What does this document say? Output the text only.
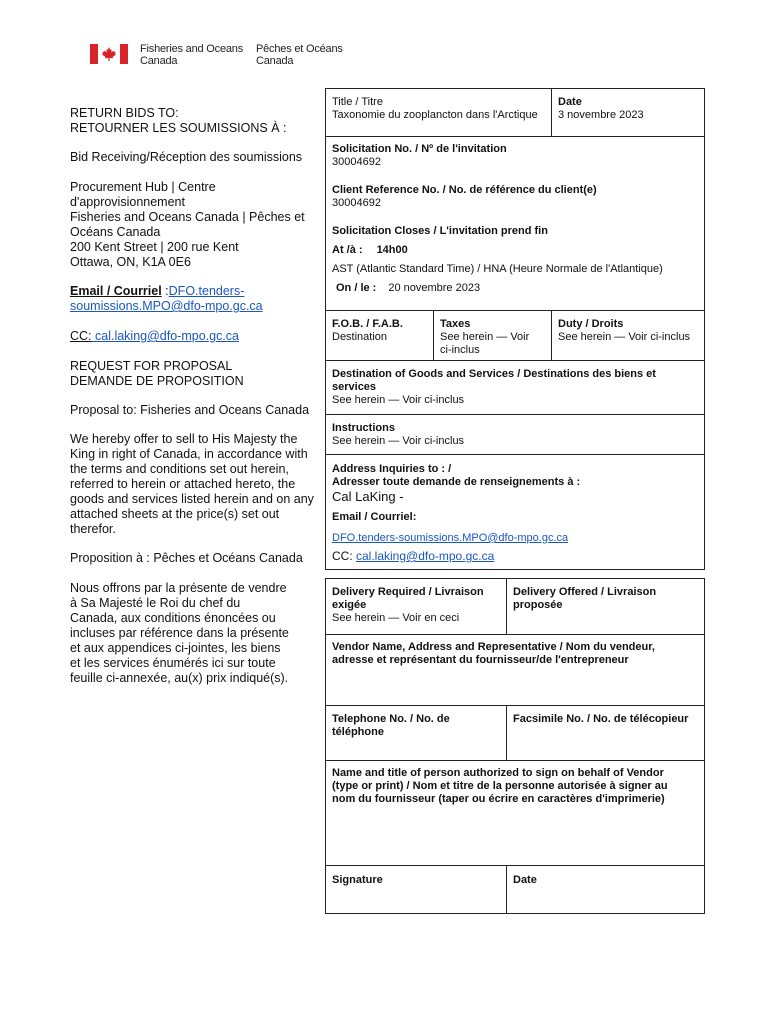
Fisheries and Oceans
Canada
Pêches et Océans
Canada
RETURN BIDS TO:
RETOURNER LES SOUMISSIONS À :
Bid Receiving/Réception des soumissions
Procurement Hub | Centre
d'approvisionnement
Fisheries and Oceans Canada | Pêches et
Océans Canada
200 Kent Street | 200 rue Kent
Ottawa, ON, K1A 0E6
Email / Courriel :DFO.tenders-
soumissions.MPO@dfo-mpo.gc.ca
CC: cal.laking@dfo-mpo.gc.ca
REQUEST FOR PROPOSAL
DEMANDE DE PROPOSITION
Proposal to: Fisheries and Oceans Canada
We hereby offer to sell to His Majesty the
King in right of Canada, in accordance with
the terms and conditions set out herein,
referred to herein or attached hereto, the
goods and services listed herein and on any
attached sheets at the price(s) set out
therefor.
Proposition à : Pêches et Océans Canada
Nous offrons par la présente de vendre
à Sa Majesté le Roi du chef du
Canada, aux conditions énoncées ou
incluses par référence dans la présente
et aux appendices ci-jointes, les biens
et les services énumérés ici sur toute
feuille ci-annexée, au(x) prix indiqué(s).
Title / Titre
Taxonomie du zooplancton dans l'Arctique
Date
3 novembre 2023
Solicitation No. / Nº de l'invitation
30004692
Client Reference No. / No. de référence du client(e)
30004692
Solicitation Closes / L'invitation prend fin
At /à : 14h00
AST (Atlantic Standard Time) / HNA (Heure Normale de l'Atlantique)
On / le : 20 novembre 2023
F.O.B. / F.A.B.
Destination
Taxes
See herein — Voir
ci-inclus
Duty / Droits
See herein — Voir ci-inclus
Destination of Goods and Services / Destinations des biens et
services
See herein — Voir ci-inclus
Instructions
See herein — Voir ci-inclus
Address Inquiries to : /
Adresser toute demande de renseignements à :
Cal LaKing -
Email / Courriel:
DFO.tenders-soumissions.MPO@dfo-mpo.gc.ca
CC: cal.laking@dfo-mpo.gc.ca
Delivery Required / Livraison
exigée
See herein — Voir en ceci
Delivery Offered / Livraison
proposée
Vendor Name, Address and Representative / Nom du vendeur,
adresse et représentant du fournisseur/de l'entrepreneur
Telephone No. / No. de
téléphone
Facsimile No. / No. de télécopieur
Name and title of person authorized to sign on behalf of Vendor
(type or print) / Nom et titre de la personne autorisée à signer au
nom du fournisseur (taper ou écrire en caractères d'imprimerie)
Signature	Date
